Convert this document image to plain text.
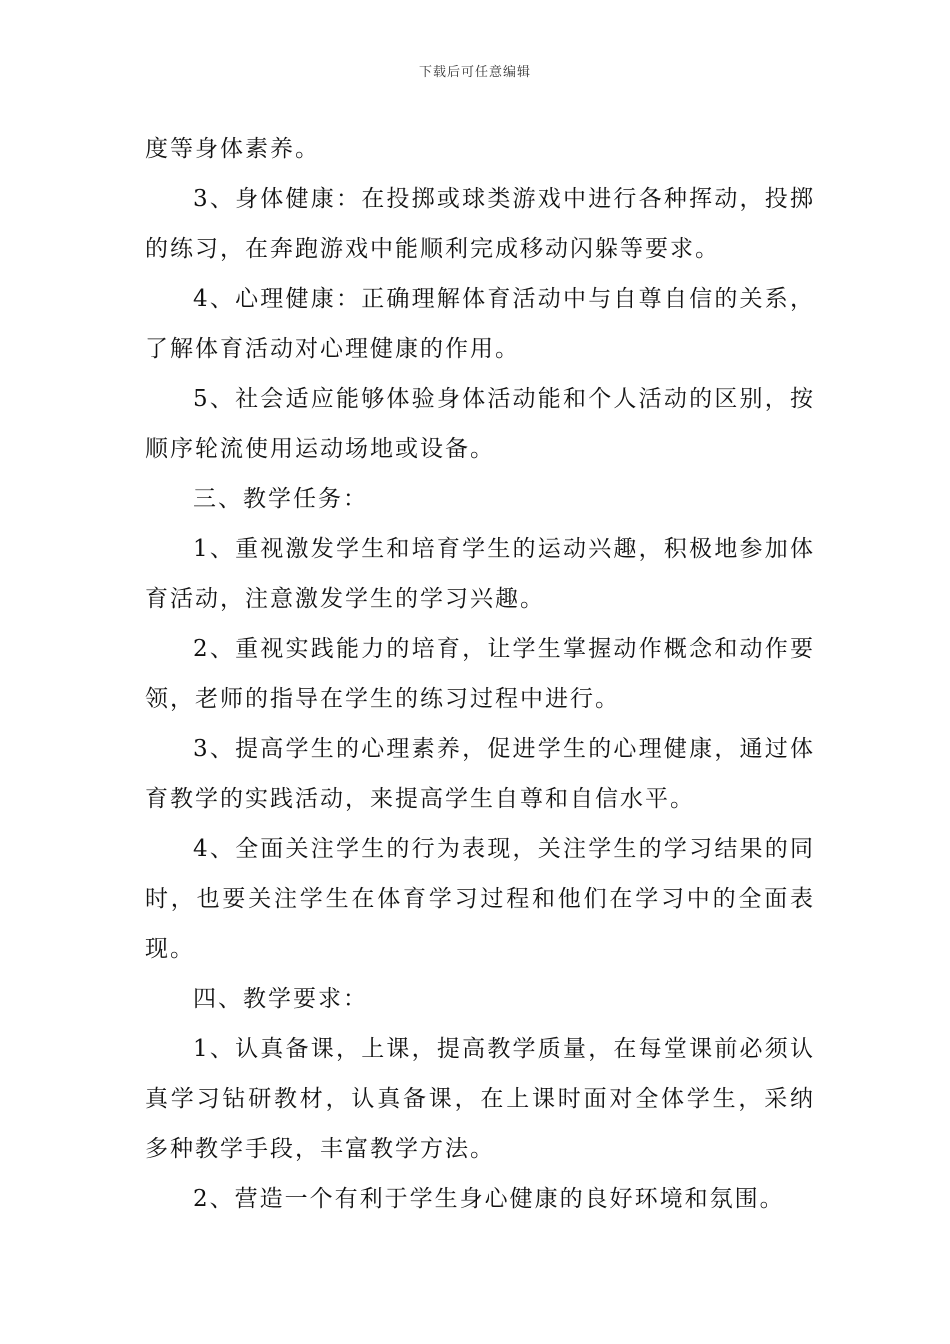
下载后可任意编辑

度等身体素养。

3、身体健康：在投掷或球类游戏中进行各种挥动，投掷的练习，在奔跑游戏中能顺利完成移动闪躲等要求。

4、心理健康：正确理解体育活动中与自尊自信的关系，了解体育活动对心理健康的作用。

5、社会适应能够体验身体活动能和个人活动的区别，按顺序轮流使用运动场地或设备。

三、教学任务：

1、重视激发学生和培育学生的运动兴趣，积极地参加体育活动，注意激发学生的学习兴趣。

2、重视实践能力的培育，让学生掌握动作概念和动作要领，老师的指导在学生的练习过程中进行。

3、提高学生的心理素养，促进学生的心理健康，通过体育教学的实践活动，来提高学生自尊和自信水平。

4、全面关注学生的行为表现，关注学生的学习结果的同时，也要关注学生在体育学习过程和他们在学习中的全面表现。

四、教学要求：

1、认真备课，上课，提高教学质量，在每堂课前必须认真学习钻研教材，认真备课，在上课时面对全体学生，采纳多种教学手段，丰富教学方法。

2、营造一个有利于学生身心健康的良好环境和氛围。
